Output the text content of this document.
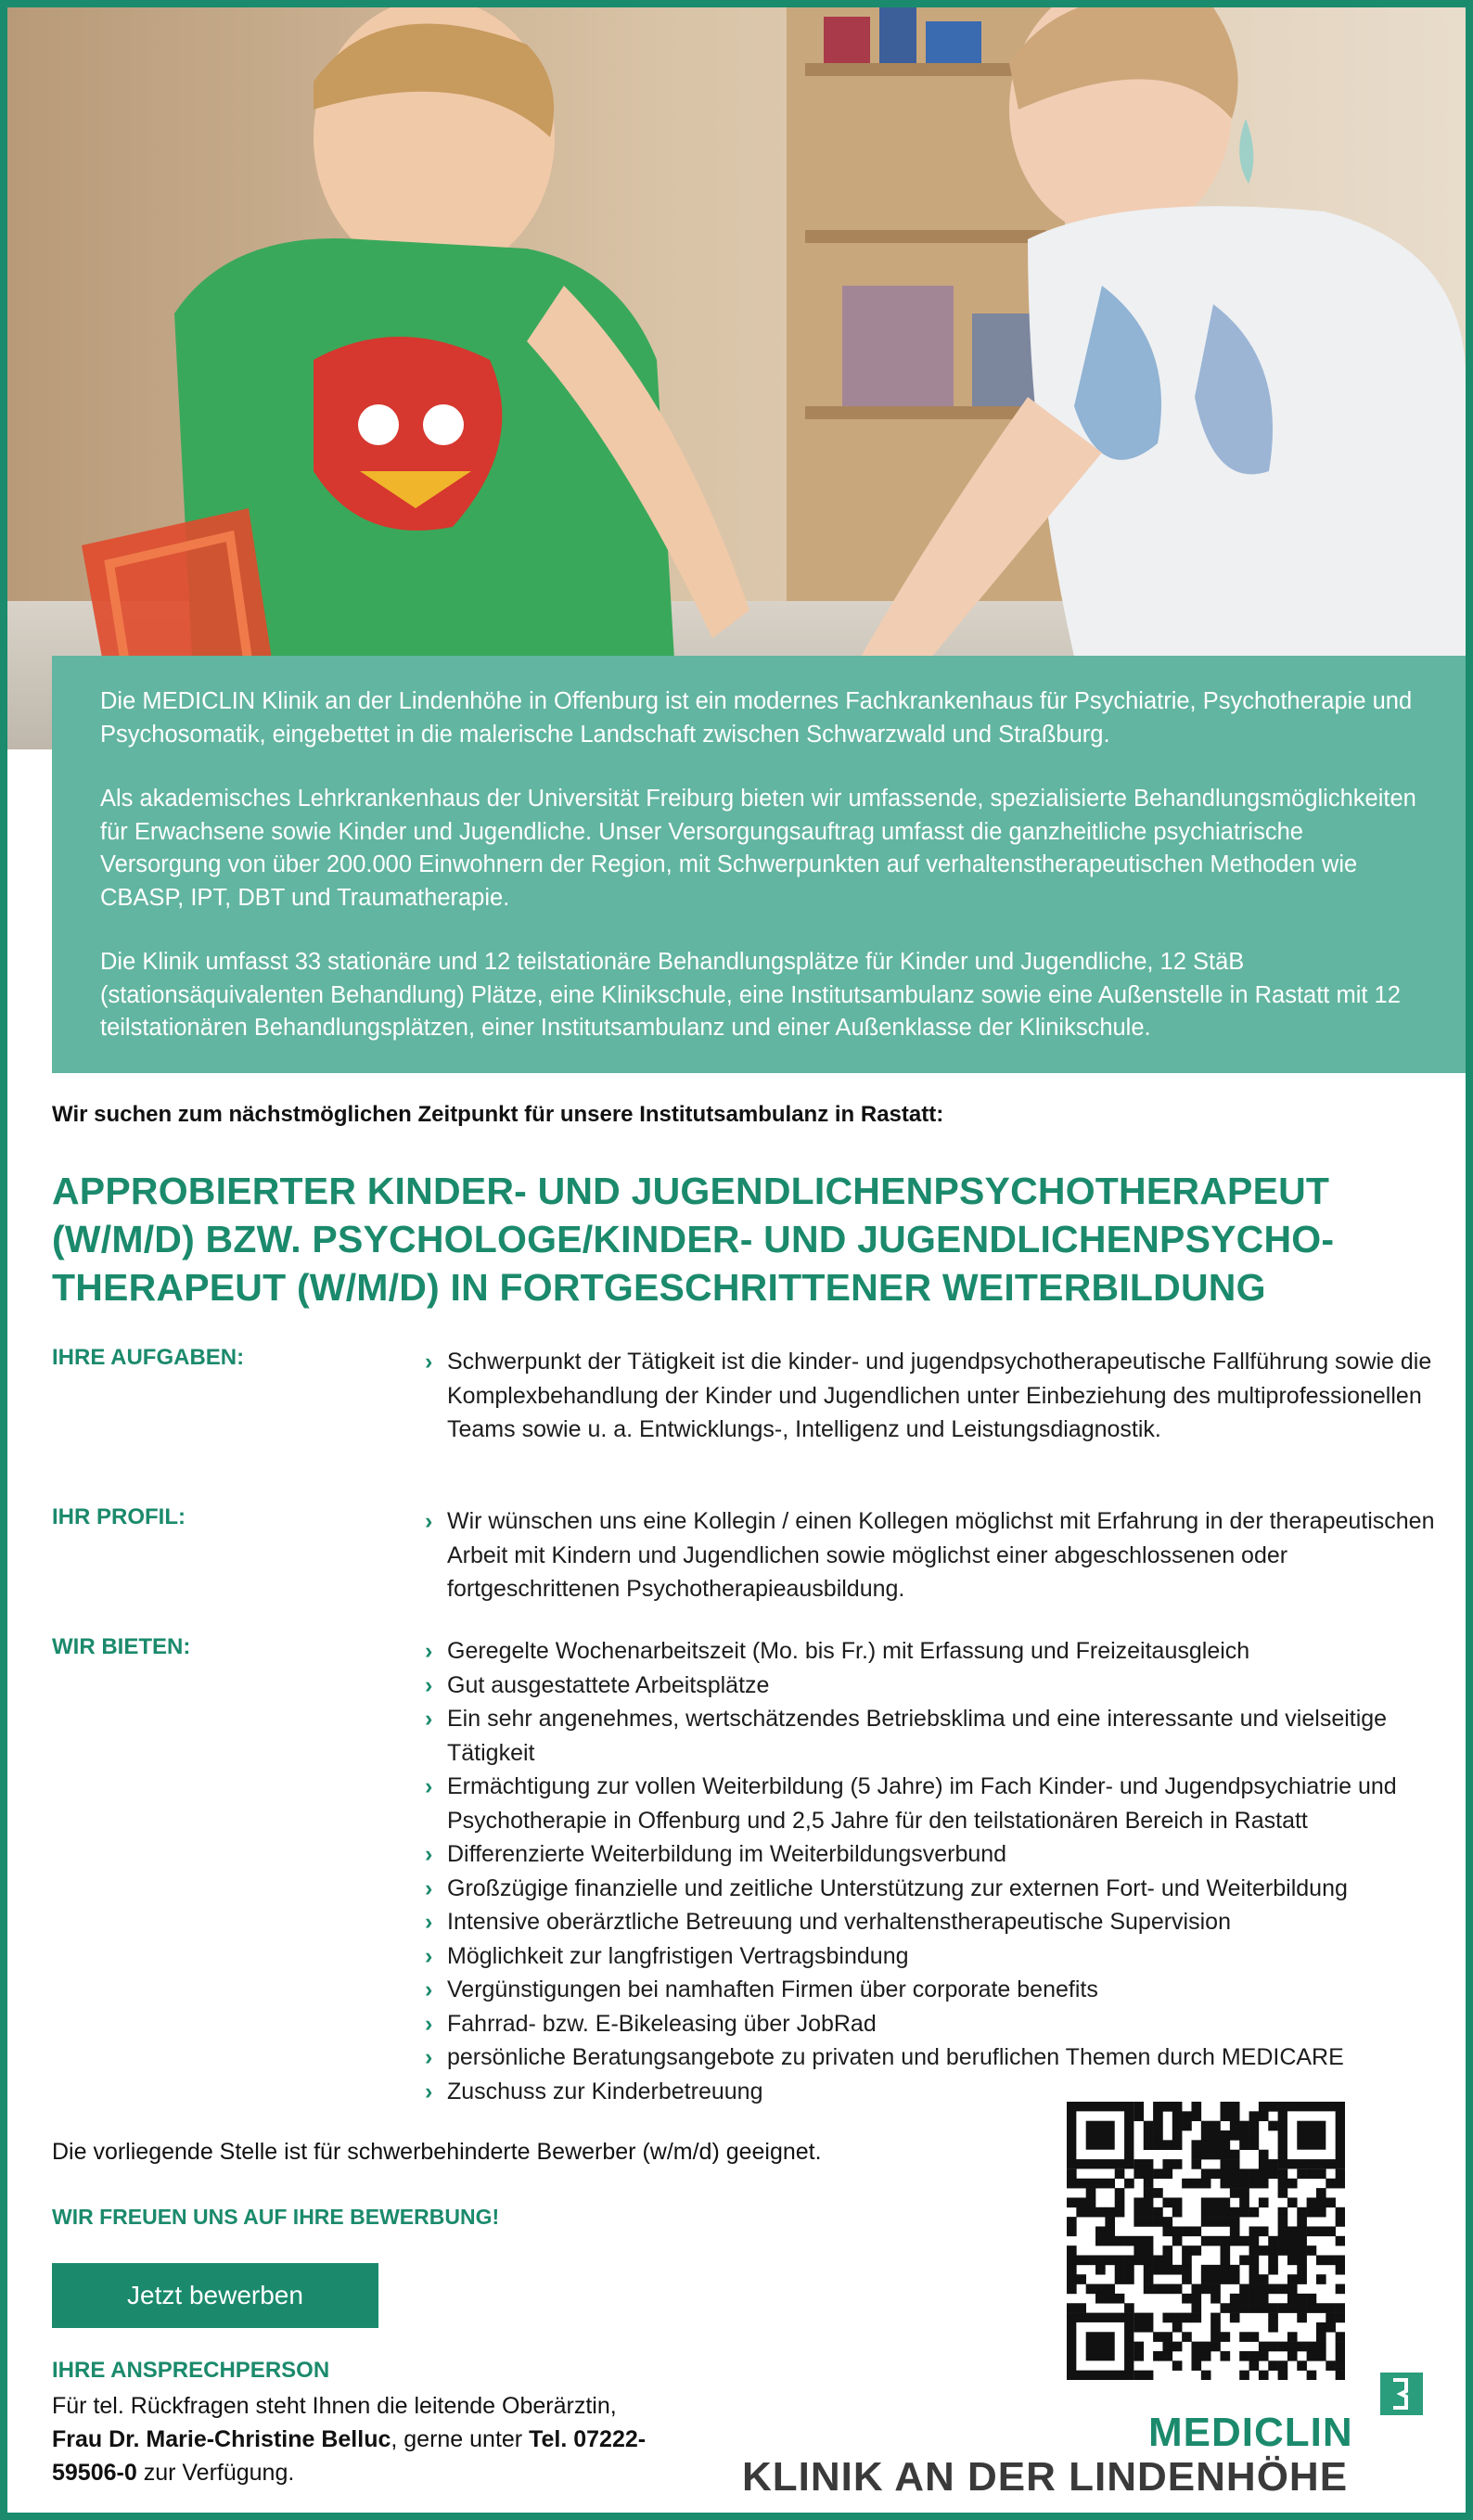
Die MEDICLIN Klinik an der Lindenhöhe in Offenburg ist ein modernes Fachkrankenhaus für Psychiatrie, Psychotherapie und Psychosomatik, eingebettet in die malerische Landschaft zwischen Schwarzwald und Straßburg.

Als akademisches Lehrkrankenhaus der Universität Freiburg bieten wir umfassende, spezialisierte Behandlungsmöglichkeiten für Erwachsene sowie Kinder und Jugendliche. Unser Versorgungsauftrag umfasst die ganzheitliche psychiatrische Versorgung von über 200.000 Einwohnern der Region, mit Schwerpunkten auf verhaltenstherapeutischen Methoden wie CBASP, IPT, DBT und Traumatherapie.

Die Klinik umfasst 33 stationäre und 12 teilstationäre Behandlungsplätze für Kinder und Jugendliche, 12 StäB (stationsäquivalenten Behandlung) Plätze, eine Klinikschule, eine Institutsambulanz sowie eine Außenstelle in Rastatt mit 12 teilstationären Behandlungsplätzen, einer Institutsambulanz und einer Außenklasse der Klinikschule.

Wir suchen zum nächstmöglichen Zeitpunkt für unsere Institutsambulanz in Rastatt:
APPROBIERTER KINDER- UND JUGENDLICHENPSYCHOTHERAPEUT
(W/M/D) BZW. PSYCHOLOGE/KINDER- UND JUGENDLICHENPSYCHO-
THERAPEUT (W/M/D) IN FORTGESCHRITTENER WEITERBILDUNG
IHRE AUFGABEN:	› Schwerpunkt der Tätigkeit ist die kinder- und jugendpsychotherapeutische Fallführung sowie die Komplexbehandlung der Kinder und Jugendlichen unter Einbeziehung des multiprofessionellen Teams sowie u. a. Entwicklungs-, Intelligenz und Leistungsdiagnostik.
IHR PROFIL:	› Wir wünschen uns eine Kollegin / einen Kollegen möglichst mit Erfahrung in der therapeutischen Arbeit mit Kindern und Jugendlichen sowie möglichst einer abgeschlossenen oder fortgeschrittenen Psychotherapieausbildung.
WIR BIETEN:	› Geregelte Wochenarbeitszeit (Mo. bis Fr.) mit Erfassung und Freizeitausgleich
› Gut ausgestattete Arbeitsplätze
› Ein sehr angenehmes, wertschätzendes Betriebsklima und eine interessante und vielseitige Tätigkeit
› Ermächtigung zur vollen Weiterbildung (5 Jahre) im Fach Kinder- und Jugendpsychiatrie und Psychotherapie in Offenburg und 2,5 Jahre für den teilstationären Bereich in Rastatt
› Differenzierte Weiterbildung im Weiterbildungsverbund
› Großzügige finanzielle und zeitliche Unterstützung zur externen Fort- und Weiterbildung
› Intensive oberärztliche Betreuung und verhaltenstherapeutische Supervision
› Möglichkeit zur langfristigen Vertragsbindung
› Vergünstigungen bei namhaften Firmen über corporate benefits
› Fahrrad- bzw. E-Bikeleasing über JobRad
› persönliche Beratungsangebote zu privaten und beruflichen Themen durch MEDICARE
› Zuschuss zur Kinderbetreuung
Die vorliegende Stelle ist für schwerbehinderte Bewerber (w/m/d) geeignet.
WIR FREUEN UNS AUF IHRE BEWERBUNG!
Jetzt bewerben
IHRE ANSPRECHPERSON
Für tel. Rückfragen steht Ihnen die leitende Oberärztin,
Frau Dr. Marie-Christine Belluc, gerne unter Tel. 07222-59506-0 zur Verfügung.
MEDICLIN
KLINIK AN DER LINDENHÖHE
